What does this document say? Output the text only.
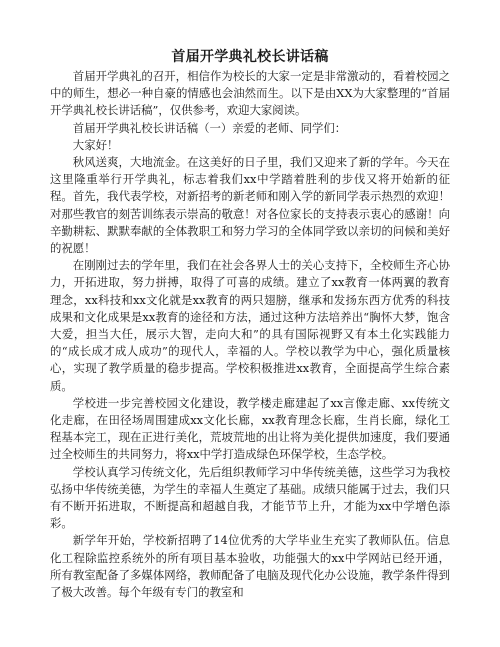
首届开学典礼校长讲话稿

首届开学典礼的召开，相信作为校长的大家一定是非常激动的，看着校园之中的师生，想必一种自豪的情感也会油然而生。以下是由XX为大家整理的“首届开学典礼校长讲话稿”，仅供参考，欢迎大家阅读。

首届开学典礼校长讲话稿（一）亲爱的老师、同学们：

大家好！

秋风送爽，大地流金。在这美好的日子里，我们又迎来了新的学年。今天在这里隆重举行开学典礼，标志着我们xx中学踏着胜利的步伐又将开始新的征程。首先，我代表学校，对新招考的新老师和刚入学的新同学表示热烈的欢迎！对那些教官的刻苦训练表示崇高的敬意！对各位家长的支持表示衷心的感谢！向辛勤耕耘、默默奉献的全体教职工和努力学习的全体同学致以亲切的问候和美好的祝愿！

在刚刚过去的学年里，我们在社会各界人士的关心支持下，全校师生齐心协力，开拓进取，努力拼搏，取得了可喜的成绩。建立了xx教育一体两翼的教育理念，xx科技和xx文化就是xx教育的两只翅膀，继承和发扬东西方优秀的科技成果和文化成果是xx教育的途径和方法，通过这种方法培养出“胸怀大梦，饱含大爱，担当大任，展示大智，走向大和”的具有国际视野又有本土化实践能力的“成长成才成人成功”的现代人，幸福的人。学校以教学为中心，强化质量核心，实现了教学质量的稳步提高。学校积极推进xx教育，全面提高学生综合素质。

学校进一步完善校园文化建设，教学楼走廊建起了xx言像走廊、xx传统文化走廊，在田径场周围建成xx文化长廊，xx教育理念长廊，生肖长廊，绿化工程基本完工，现在正进行美化，荒坡荒地的出让将为美化提供加速度，我们要通过全校师生的共同努力，将xx中学打造成绿色环保学校，生态学校。

学校认真学习传统文化，先后组织教师学习中华传统美德，这些学习为我校弘扬中华传统美德，为学生的幸福人生奠定了基础。成绩只能属于过去，我们只有不断开拓进取，不断提高和超越自我，才能节节上升，才能为xx中学增色添彩。

新学年开始，学校新招聘了14位优秀的大学毕业生充实了教师队伍。信息化工程除监控系统外的所有项目基本验收，功能强大的xx中学网站已经开通，所有教室配备了多媒体网络，教师配备了电脑及现代化办公设施，教学条件得到了极大改善。每个年级有专门的教室和
